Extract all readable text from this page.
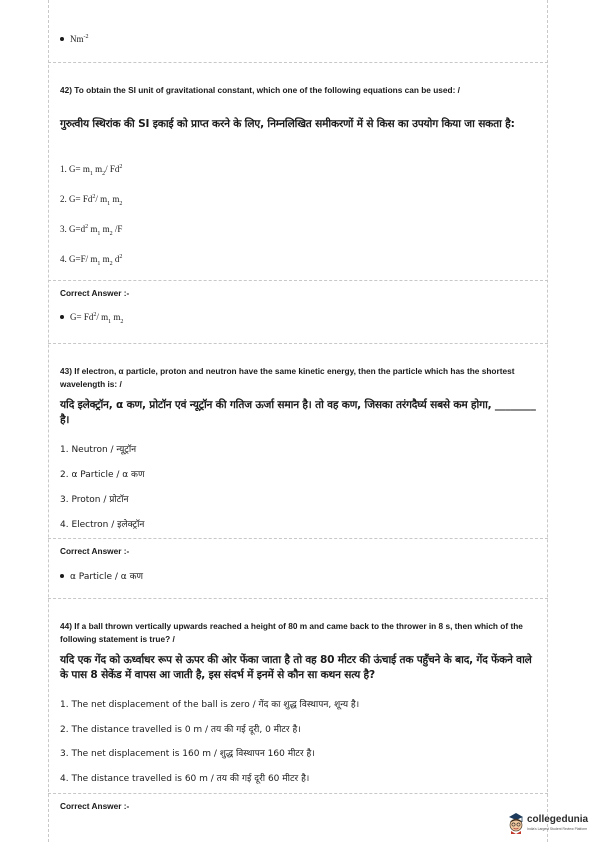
$Nm^{-2}$
42) To obtain the SI unit of gravitational constant, which one of the following equations can be used: /
गुरुत्वीय स्थिरांक की SI इकाई को प्राप्त करने के लिए, निम्नलिखित समीकरणों में से किस का उपयोग किया जा सकता है:
1. $G= m_1$ $m_2/$ Fd$^2$
2. $G= Fd^2/$ $m_1$ $m_2$
3. $G=d^2$ $m_1$ $m_2$ /F
4. G=F/ $m_1$ $m_2$ $d^2$
Correct Answer :-
$G= Fd^2/$ $m_1$ $m_2$
43) If electron, α particle, proton and neutron have the same kinetic energy, then the particle which has the shortest wavelength is: /
यदि इलेक्ट्रॉन, α कण, प्रोटॉन एवं न्यूट्रॉन की गतिज ऊर्जा समान है। तो वह कण, जिसका तरंगदैर्घ्य सबसे कम होगा, ________ है।
1. Neutron / न्यूट्रॉन
2. α Particle / α कण
3. Proton / प्रोटॉन
4. Electron / इलेक्ट्रॉन
Correct Answer :-
α Particle / α कण
44) If a ball thrown vertically upwards reached a height of 80 m and came back to the thrower in 8 s, then which of the following statement is true? /
यदि एक गेंद को ऊर्ध्वाधर रूप से ऊपर की ओर फेंका जाता है तो वह 80 मीटर की ऊंचाई तक पहुँचने के बाद, गेंद फेंकने वाले के पास 8 सेकेंड में वापस आ जाती है, इस संदर्भ में इनमें से कौन सा कथन सत्य है?
1. The net displacement of the ball is zero / गेंद का शुद्ध विस्थापन, शून्य है।
2. The distance travelled is 0 m / तय की गई दूरी, 0 मीटर है।
3. The net displacement is 160 m / शुद्ध विस्थापन 160 मीटर है।
4. The distance travelled is 60 m / तय की गई दूरी 60 मीटर है।
Correct Answer :-
collegedunia
India's Largest Student Review Platform
